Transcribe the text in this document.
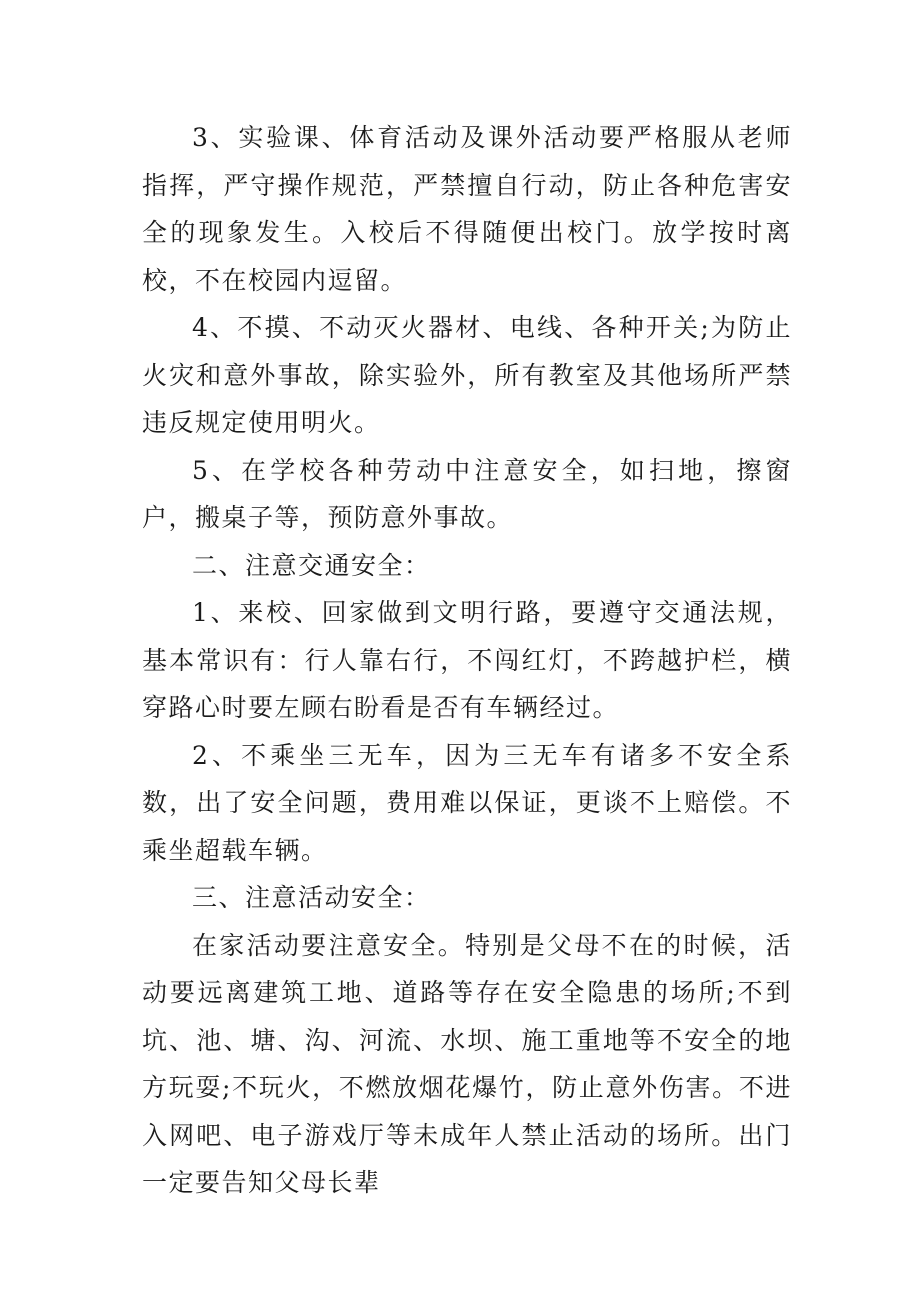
3、实验课、体育活动及课外活动要严格服从老师指挥，严守操作规范，严禁擅自行动，防止各种危害安全的现象发生。入校后不得随便出校门。放学按时离校，不在校园内逗留。

4、不摸、不动灭火器材、电线、各种开关;为防止火灾和意外事故，除实验外，所有教室及其他场所严禁违反规定使用明火。

5、在学校各种劳动中注意安全，如扫地，擦窗户，搬桌子等，预防意外事故。

二、注意交通安全：

1、来校、回家做到文明行路，要遵守交通法规，基本常识有：行人靠右行，不闯红灯，不跨越护栏，横穿路心时要左顾右盼看是否有车辆经过。

2、不乘坐三无车，因为三无车有诸多不安全系数，出了安全问题，费用难以保证，更谈不上赔偿。不乘坐超载车辆。

三、注意活动安全：

在家活动要注意安全。特别是父母不在的时候，活动要远离建筑工地、道路等存在安全隐患的场所;不到坑、池、塘、沟、河流、水坝、施工重地等不安全的地方玩耍;不玩火，不燃放烟花爆竹，防止意外伤害。不进入网吧、电子游戏厅等未成年人禁止活动的场所。出门一定要告知父母长辈
